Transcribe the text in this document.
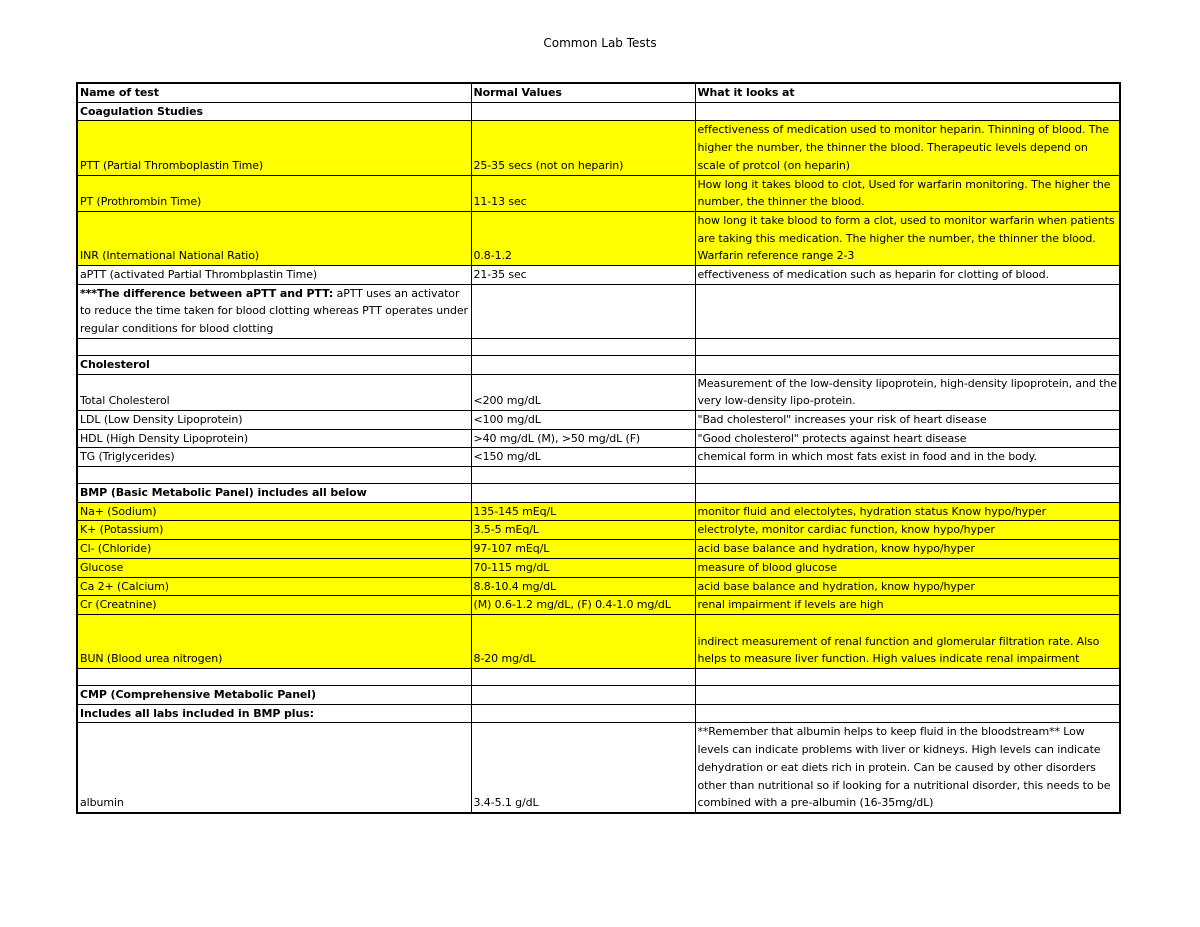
Common Lab Tests
Name of test	Normal Values	What it looks at
Coagulation Studies		
PTT (Partial Thromboplastin Time)	25-35 secs (not on heparin)	effectiveness of medication used to monitor heparin. Thinning of blood. The higher the number, the thinner the blood. Therapeutic levels depend on scale of protcol (on heparin)
PT (Prothrombin Time)	11-13 sec	How long it takes blood to clot, Used for warfarin monitoring. The higher the number, the thinner the blood.
INR (International National Ratio)	0.8-1.2	how long it take blood to form a clot, used to monitor warfarin when patients are taking this medication. The higher the number, the thinner the blood. Warfarin reference range 2-3
aPTT (activated Partial Thrombplastin Time)	21-35 sec	effectiveness of medication such as heparin for clotting of blood.
***The difference between aPTT and PTT: aPTT uses an activator to reduce the time taken for blood clotting whereas PTT operates under regular conditions for blood clotting		

Cholesterol		
Total Cholesterol	<200 mg/dL	Measurement of the low-density lipoprotein, high-density lipoprotein, and the very low-density lipo-protein.
LDL (Low Density Lipoprotein)	<100 mg/dL	"Bad cholesterol" increases your risk of heart disease
HDL (High Density Lipoprotein)	>40 mg/dL (M), >50 mg/dL (F)	"Good cholesterol" protects against heart disease
TG (Triglycerides)	<150 mg/dL	chemical form in which most fats exist in food and in the body.

BMP (Basic Metabolic Panel) includes all below		
Na+ (Sodium)	135-145 mEq/L	monitor fluid and electolytes, hydration status Know hypo/hyper
K+ (Potassium)	3.5-5 mEq/L	electrolyte, monitor cardiac function, know hypo/hyper
Cl- (Chloride)	97-107 mEq/L	acid base balance and hydration, know hypo/hyper
Glucose	70-115 mg/dL	measure of blood glucose
Ca 2+ (Calcium)	8.8-10.4 mg/dL	acid base balance and hydration, know hypo/hyper
Cr (Creatnine)	(M) 0.6-1.2 mg/dL, (F) 0.4-1.0 mg/dL	renal impairment if levels are high
BUN (Blood urea nitrogen)	8-20 mg/dL	indirect measurement of renal function and glomerular filtration rate. Also helps to measure liver function. High values indicate renal impairment

CMP (Comprehensive Metabolic Panel)		
Includes all labs included in BMP plus:		
albumin	3.4-5.1 g/dL	**Remember that albumin helps to keep fluid in the bloodstream** Low levels can indicate problems with liver or kidneys. High levels can indicate dehydration or eat diets rich in protein. Can be caused by other disorders other than nutritional so if looking for a nutritional disorder, this needs to be combined with a pre-albumin (16-35mg/dL)
